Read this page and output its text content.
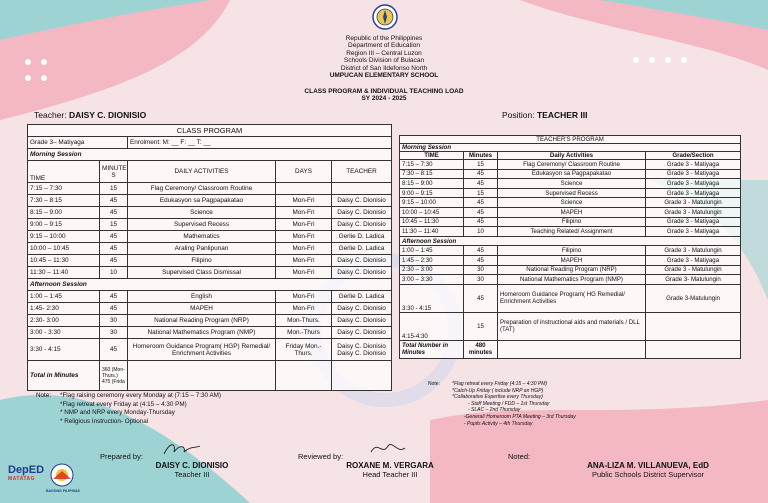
Republic of the Philippines
Department of Education
Region III – Central Luzon
Schools Division of Bulacan
District of San Ildefonso North
UMPUCAN ELEMENTARY SCHOOL
CLASS PROGRAM & INDIVIDUAL TEACHING LOAD
SY 2024 - 2025
Teacher: DAISY C. DIONISIO	Position: TEACHER III
CLASS PROGRAM				
Grade 3– Matiyaga		Enrolment: M: __ F: __ T: __		
Morning Session				
TIME	MINUTE S	DAILY ACTIVITIES	DAYS	TEACHER
7:15 – 7:30	15	Flag Ceremony/ Classroom Routine		
7:30 – 8:15	45	Edukasyon sa Pagpapakatao	Mon-Fri	Daisy C. Dionisio
8:15 – 9:00	45	Science	Mon-Fri	Daisy C. Dionisio
9:00 – 9:15	15	Supervised Recess	Mon-Fri	Daisy C. Dionisio
9:15 – 10:00	45	Mathematics	Mon-Fri	Gerlie D. Ladica
10:00 – 10:45	45	Araling Panlipunan	Mon-Fri	Gerlie D. Ladica
10:45 – 11:30	45	Filipino	Mon-Fri	Daisy C. Dionisio
11:30 – 11:40	10	Supervised Class Dismissal	Mon-Fri	Daisy C. Dionisio
Afternoon Session				
1:00 – 1:45	45	English	Mon-Fri	Gerlie D. Ladica
1:45- 2:30	45	MAPEH	Mon-Fri	Daisy C. Dionisio
2:30- 3:00	30	National Reading Program (NRP)	Mon-Thurs.	Daisy C. Dionisio
3:00 - 3:30	30	National Mathematics Program (NMP)	Mon.-Thurs	Daisy C. Dionisio
3:30 - 4:15	45	Homeroom Guidance Program( HGP) Remedial/ Enrichment Activities	Friday Mon.-Thurs.	Daisy C. Dionisio Daisy C. Dionisio
Total in Minutes	360 (Mon-Thurs.) 475 (Frida			
TEACHER'S PROGRAM			
Morning Session			
TIME	Minutes	Daily Activities	Grade/Section
7:15 – 7:30	15	Flag Ceremony/ Classroom Routine	Grade 3 - Matiyaga
7:30 – 8:15	45	Edukasyon sa Pagpapakatao	Grade 3 - Matiyaga
8:15 – 9:00	45	Science	Grade 3 - Matiyaga
9:00 – 9:15	15	Supervised Recess	Grade 3 - Matiyaga
9:15 – 10:00	45	Science	Grade 3 - Matulungin
10:00 – 10:45	45	MAPEH	Grade 3 - Matulungin
10:45 – 11:30	45	Filipino	Grade 3 - Matiyaga
11:30 – 11:40	10	Teaching Related/ Assignment	Grade 3 - Matiyaga
Afternoon Session			
1:00 – 1:45	45	Filipino	Grade 3 - Matulungin
1:45 – 2:30	45	MAPEH	Grade 3 - Matiyaga
2:30 – 3:00	30	National Reading Program (NRP)	Grade 3 - Matulungin
3:00 – 3:30	30	National Mathematics Program (NMP)	Grade 3- Matulungin
3:30 - 4:15	45	Homeroom Guidance Program( HG Remedial/ Enrichment Activities	Grade 3-Matulungin
4:15-4:30	15	Preparation of instructional aids and materials / DLL (TAT)	
Total Number in Minutes	480 minutes		
Note: *Flag raising ceremony every Monday at (7:15 – 7:30 AM)
*Flag retreat every Friday at (4:15 – 4:30 PM)
* NMP and NRP every Monday-Thursday
* Religious Instruction- Optional
Note: *Flag retreat every Friday (4:15 – 4:30 PM)
*Catch-Up Friday ( include NRP an HGP)
*Collaborative Expertise every Thursday)
- Staff Meeting / FDD – 1st Thursday
- SLAC – 2nd Thursday
-General/ Homeroom PTA Meeting – 3rd Thursday
- Pupils Activity – 4th Thursday
Prepared by:
DAISY C. DIONISIO
Teacher III
Reviewed by:
ROXANE M. VERGARA
Head Teacher III
Noted:
ANA-LIZA M. VILLANUEVA, EdD
Public Schools District Supervisor
DepED
MATATAG
BAGONG PILIPINAS
